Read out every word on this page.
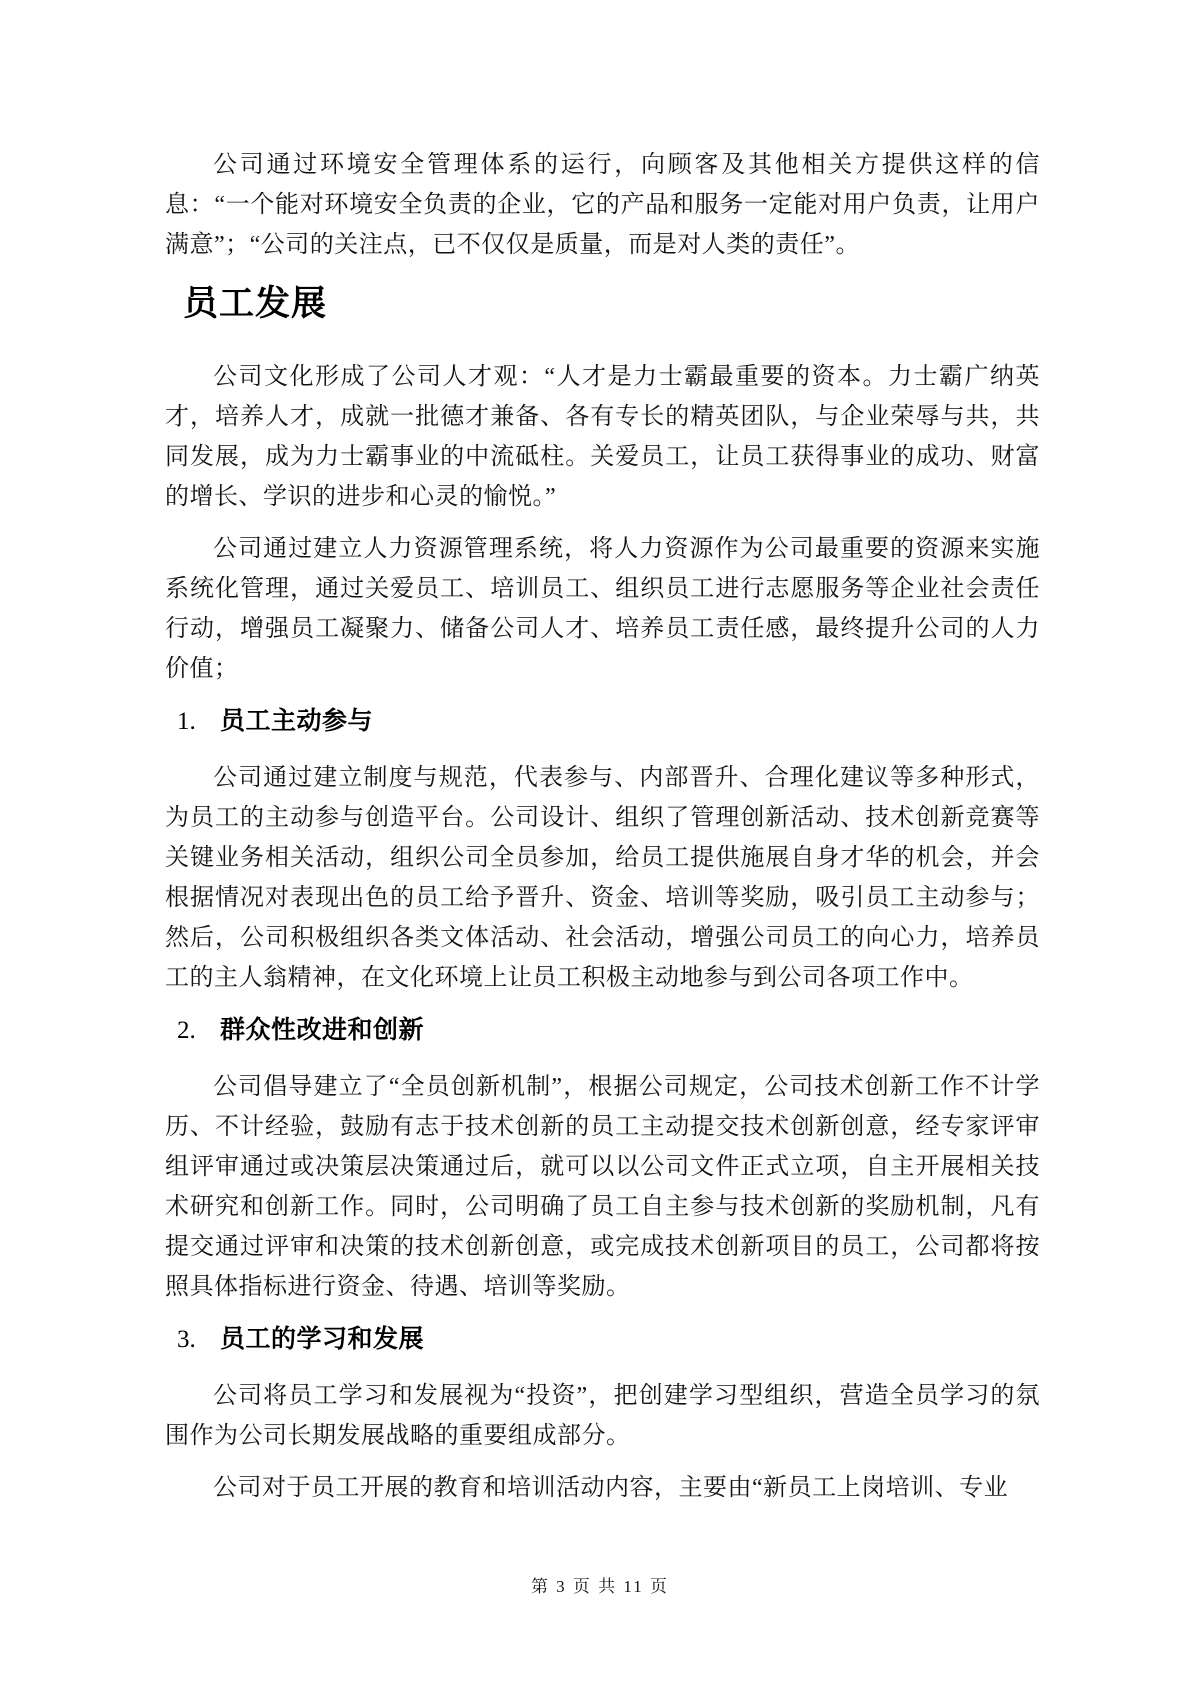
公司通过环境安全管理体系的运行，向顾客及其他相关方提供这样的信息：“一个能对环境安全负责的企业，它的产品和服务一定能对用户负责，让用户满意”；“公司的关注点，已不仅仅是质量，而是对人类的责任”。

员工发展

公司文化形成了公司人才观：“人才是力士霸最重要的资本。力士霸广纳英才，培养人才，成就一批德才兼备、各有专长的精英团队，与企业荣辱与共，共同发展，成为力士霸事业的中流砥柱。关爱员工，让员工获得事业的成功、财富的增长、学识的进步和心灵的愉悦。”

公司通过建立人力资源管理系统，将人力资源作为公司最重要的资源来实施系统化管理，通过关爱员工、培训员工、组织员工进行志愿服务等企业社会责任行动，增强员工凝聚力、储备公司人才、培养员工责任感，最终提升公司的人力价值；

1. 员工主动参与

公司通过建立制度与规范，代表参与、内部晋升、合理化建议等多种形式，为员工的主动参与创造平台。公司设计、组织了管理创新活动、技术创新竞赛等关键业务相关活动，组织公司全员参加，给员工提供施展自身才华的机会，并会根据情况对表现出色的员工给予晋升、资金、培训等奖励，吸引员工主动参与；然后，公司积极组织各类文体活动、社会活动，增强公司员工的向心力，培养员工的主人翁精神，在文化环境上让员工积极主动地参与到公司各项工作中。

2. 群众性改进和创新

公司倡导建立了“全员创新机制”，根据公司规定，公司技术创新工作不计学历、不计经验，鼓励有志于技术创新的员工主动提交技术创新创意，经专家评审组评审通过或决策层决策通过后，就可以以公司文件正式立项，自主开展相关技术研究和创新工作。同时，公司明确了员工自主参与技术创新的奖励机制，凡有提交通过评审和决策的技术创新创意，或完成技术创新项目的员工，公司都将按照具体指标进行资金、待遇、培训等奖励。

3. 员工的学习和发展

公司将员工学习和发展视为“投资”，把创建学习型组织，营造全员学习的氛围作为公司长期发展战略的重要组成部分。

公司对于员工开展的教育和培训活动内容，主要由“新员工上岗培训、专业

第 3 页 共 11 页
